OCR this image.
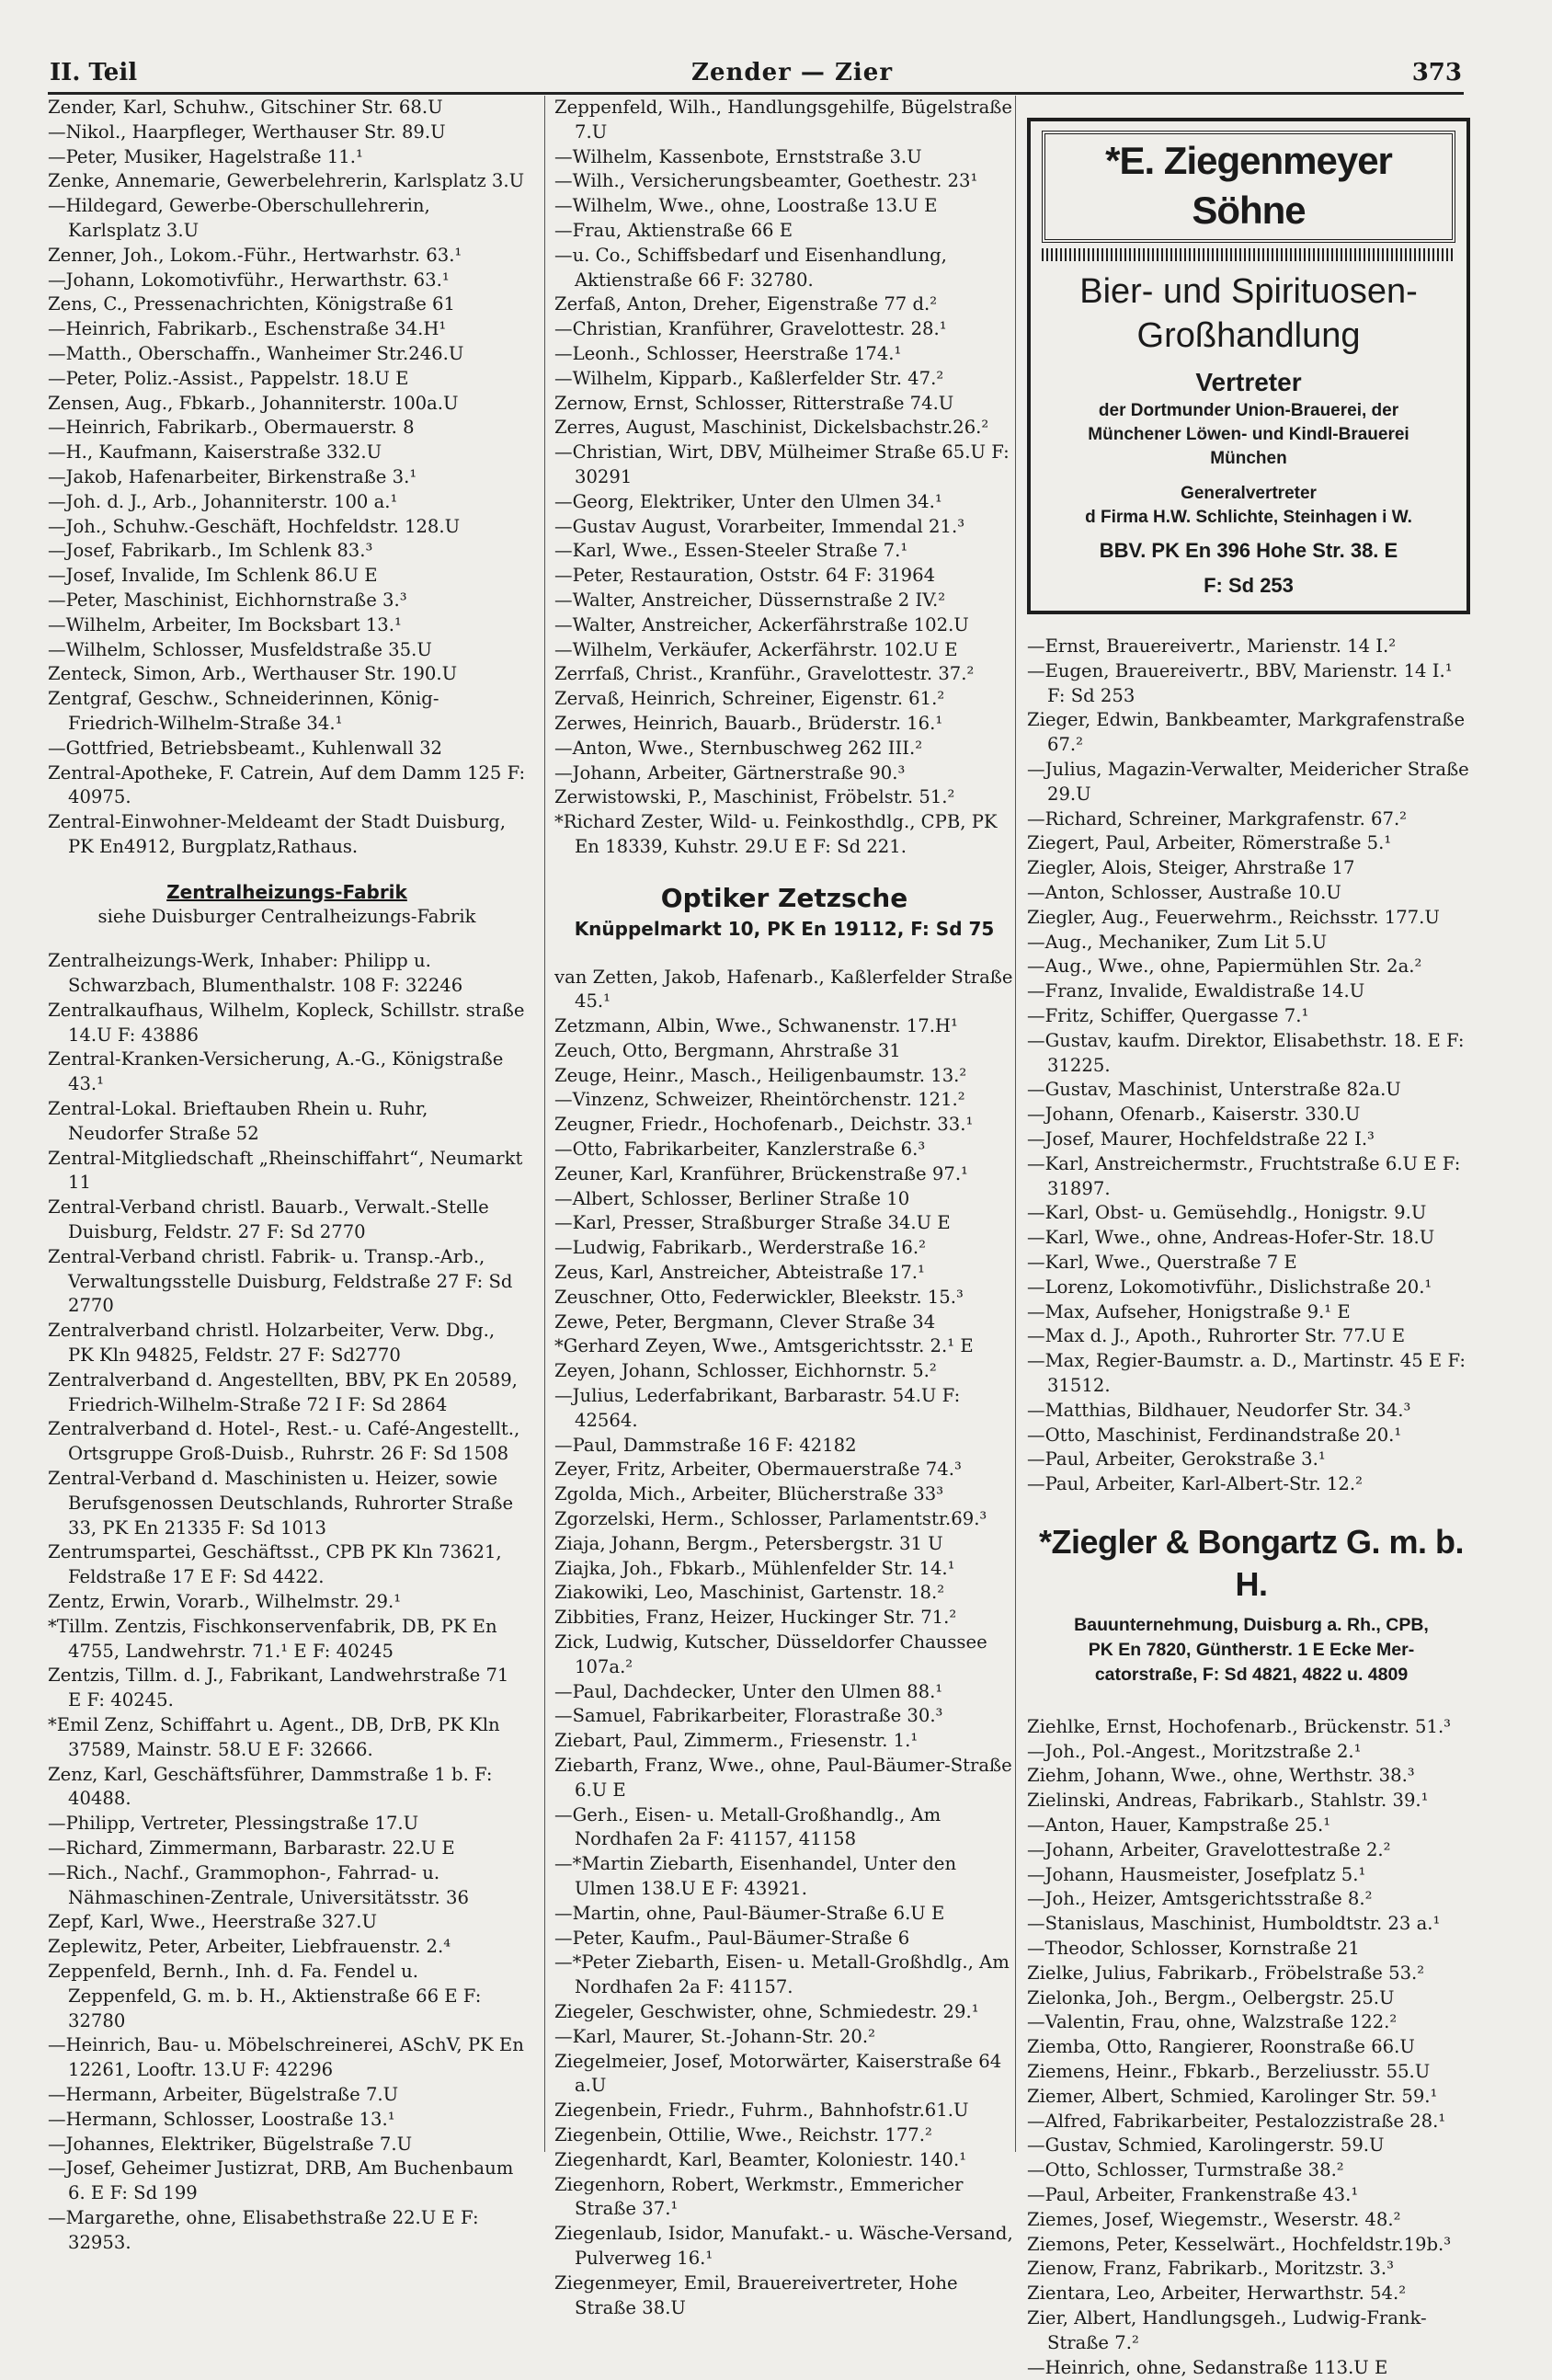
II. Teil	Zender — Zier	373

Zender, Karl, Schuhw., Gitschiner Str. 68.U

—Nikol., Haarpfleger, Werthauser Str. 89.U

—Peter, Musiker, Hagelstraße 11.¹

Zenke, Annemarie, Gewerbelehrerin, Karlsplatz 3.U

—Hildegard, Gewerbe-Oberschullehrerin, Karlsplatz 3.U

Zenner, Joh., Lokom.-Führ., Hertwarhstr. 63.¹

—Johann, Lokomotivführ., Herwarthstr. 63.¹

Zens, C., Pressenachrichten, Königstraße 61

—Heinrich, Fabrikarb., Eschenstraße 34.H¹

—Matth., Oberschaffn., Wanheimer Str.246.U

—Peter, Poliz.-Assist., Pappelstr. 18.U E

Zensen, Aug., Fbkarb., Johanniterstr. 100a.U

—Heinrich, Fabrikarb., Obermauerstr. 8

—H., Kaufmann, Kaiserstraße 332.U

—Jakob, Hafenarbeiter, Birkenstraße 3.¹

—Joh. d. J., Arb., Johanniterstr. 100 a.¹

—Joh., Schuhw.-Geschäft, Hochfeldstr. 128.U

—Josef, Fabrikarb., Im Schlenk 83.³

—Josef, Invalide, Im Schlenk 86.U E

—Peter, Maschinist, Eichhornstraße 3.³

—Wilhelm, Arbeiter, Im Bocksbart 13.¹

—Wilhelm, Schlosser, Musfeldstraße 35.U

Zenteck, Simon, Arb., Werthauser Str. 190.U

Zentgraf, Geschw., Schneiderinnen, König-Friedrich-Wilhelm-Straße 34.¹

—Gottfried, Betriebsbeamt., Kuhlenwall 32

Zentral-Apotheke, F. Catrein, Auf dem Damm 125 F: 40975.

Zentral-Einwohner-Meldeamt der Stadt Duisburg, PK En4912, Burgplatz,Rathaus.

Zentralheizungs-Fabrik
siehe Duisburger Centralheizungs-Fabrik

Zentralheizungs-Werk, Inhaber: Philipp u. Schwarzbach, Blumenthalstr. 108 F: 32246

Zentralkaufhaus, Wilhelm, Kopleck, Schillstr. straße 14.U F: 43886

Zentral-Kranken-Versicherung, A.-G., Königstraße 43.¹

Zentral-Lokal. Brieftauben Rhein u. Ruhr, Neudorfer Straße 52

Zentral-Mitgliedschaft „Rheinschiffahrt“, Neumarkt 11

Zentral-Verband christl. Bauarb., Verwalt.-Stelle Duisburg, Feldstr. 27 F: Sd 2770

Zentral-Verband christl. Fabrik- u. Transp.-Arb., Verwaltungsstelle Duisburg, Feldstraße 27 F: Sd 2770

Zentralverband christl. Holzarbeiter, Verw. Dbg., PK Kln 94825, Feldstr. 27 F: Sd2770

Zentralverband d. Angestellten, BBV, PK En 20589, Friedrich-Wilhelm-Straße 72 I F: Sd 2864

Zentralverband d. Hotel-, Rest.- u. Café-Angestellt., Ortsgruppe Groß-Duisb., Ruhrstr. 26 F: Sd 1508

Zentral-Verband d. Maschinisten u. Heizer, sowie Berufsgenossen Deutschlands, Ruhrorter Straße 33, PK En 21335 F: Sd 1013

Zentrumspartei, Geschäftsst., CPB PK Kln 73621, Feldstraße 17 E F: Sd 4422.

Zentz, Erwin, Vorarb., Wilhelmstr. 29.¹

*Tillm. Zentzis, Fischkonservenfabrik, DB, PK En 4755, Landwehrstr. 71.¹ E F: 40245

Zentzis, Tillm. d. J., Fabrikant, Landwehrstraße 71 E F: 40245.

*Emil Zenz, Schiffahrt u. Agent., DB, DrB, PK Kln 37589, Mainstr. 58.U E F: 32666.

Zenz, Karl, Geschäftsführer, Dammstraße 1 b. F: 40488.

—Philipp, Vertreter, Plessingstraße 17.U

—Richard, Zimmermann, Barbarastr. 22.U E

—Rich., Nachf., Grammophon-, Fahrrad- u. Nähmaschinen-Zentrale, Universitätsstr. 36

Zepf, Karl, Wwe., Heerstraße 327.U

Zeplewitz, Peter, Arbeiter, Liebfrauenstr. 2.⁴

Zeppenfeld, Bernh., Inh. d. Fa. Fendel u. Zeppenfeld, G. m. b. H., Aktienstraße 66 E F: 32780

—Heinrich, Bau- u. Möbelschreinerei, ASchV, PK En 12261, Looftr. 13.U F: 42296

—Hermann, Arbeiter, Bügelstraße 7.U

—Hermann, Schlosser, Loostraße 13.¹

—Johannes, Elektriker, Bügelstraße 7.U

—Josef, Geheimer Justizrat, DRB, Am Buchenbaum 6. E F: Sd 199

—Margarethe, ohne, Elisabethstraße 22.U E F: 32953.

Zeppenfeld, Wilh., Handlungsgehilfe, Bügelstraße 7.U

—Wilhelm, Kassenbote, Ernststraße 3.U

—Wilh., Versicherungsbeamter, Goethestr. 23¹

—Wilhelm, Wwe., ohne, Loostraße 13.U E

—Frau, Aktienstraße 66 E

—u. Co., Schiffsbedarf und Eisenhandlung, Aktienstraße 66 F: 32780.

Zerfaß, Anton, Dreher, Eigenstraße 77 d.²

—Christian, Kranführer, Gravelottestr. 28.¹

—Leonh., Schlosser, Heerstraße 174.¹

—Wilhelm, Kipparb., Kaßlerfelder Str. 47.²

Zernow, Ernst, Schlosser, Ritterstraße 74.U

Zerres, August, Maschinist, Dickelsbachstr.26.²

—Christian, Wirt, DBV, Mülheimer Straße 65.U F: 30291

—Georg, Elektriker, Unter den Ulmen 34.¹

—Gustav August, Vorarbeiter, Immendal 21.³

—Karl, Wwe., Essen-Steeler Straße 7.¹

—Peter, Restauration, Oststr. 64 F: 31964

—Walter, Anstreicher, Düssernstraße 2 IV.²

—Walter, Anstreicher, Ackerfährstraße 102.U

—Wilhelm, Verkäufer, Ackerfährstr. 102.U E

Zerrfaß, Christ., Kranführ., Gravelottestr. 37.²

Zervaß, Heinrich, Schreiner, Eigenstr. 61.²

Zerwes, Heinrich, Bauarb., Brüderstr. 16.¹

—Anton, Wwe., Sternbuschweg 262 III.²

—Johann, Arbeiter, Gärtnerstraße 90.³

Zerwistowski, P., Maschinist, Fröbelstr. 51.²

*Richard Zester, Wild- u. Feinkosthdlg., CPB, PK En 18339, Kuhstr. 29.U E F: Sd 221.

Optiker Zetzsche
Knüppelmarkt 10, PK En 19112, F: Sd 75

van Zetten, Jakob, Hafenarb., Kaßlerfelder Straße 45.¹

Zetzmann, Albin, Wwe., Schwanenstr. 17.H¹

Zeuch, Otto, Bergmann, Ahrstraße 31

Zeuge, Heinr., Masch., Heiligenbaumstr. 13.²

—Vinzenz, Schweizer, Rheintörchenstr. 121.²

Zeugner, Friedr., Hochofenarb., Deichstr. 33.¹

—Otto, Fabrikarbeiter, Kanzlerstraße 6.³

Zeuner, Karl, Kranführer, Brückenstraße 97.¹

—Albert, Schlosser, Berliner Straße 10

—Karl, Presser, Straßburger Straße 34.U E

—Ludwig, Fabrikarb., Werderstraße 16.²

Zeus, Karl, Anstreicher, Abteistraße 17.¹

Zeuschner, Otto, Federwickler, Bleekstr. 15.³

Zewe, Peter, Bergmann, Clever Straße 34

*Gerhard Zeyen, Wwe., Amtsgerichtsstr. 2.¹ E

Zeyen, Johann, Schlosser, Eichhornstr. 5.²

—Julius, Lederfabrikant, Barbarastr. 54.U F: 42564.

—Paul, Dammstraße 16 F: 42182

Zeyer, Fritz, Arbeiter, Obermauerstraße 74.³

Zgolda, Mich., Arbeiter, Blücherstraße 33³

Zgorzelski, Herm., Schlosser, Parlamentstr.69.³

Ziaja, Johann, Bergm., Petersbergstr. 31 U

Ziajka, Joh., Fbkarb., Mühlenfelder Str. 14.¹

Ziakowiki, Leo, Maschinist, Gartenstr. 18.²

Zibbities, Franz, Heizer, Huckinger Str. 71.²

Zick, Ludwig, Kutscher, Düsseldorfer Chaussee 107a.²

—Paul, Dachdecker, Unter den Ulmen 88.¹

—Samuel, Fabrikarbeiter, Florastraße 30.³

Ziebart, Paul, Zimmerm., Friesenstr. 1.¹

Ziebarth, Franz, Wwe., ohne, Paul-Bäumer-Straße 6.U E

—Gerh., Eisen- u. Metall-Großhandlg., Am Nordhafen 2a F: 41157, 41158

—*Martin Ziebarth, Eisenhandel, Unter den Ulmen 138.U E F: 43921.

—Martin, ohne, Paul-Bäumer-Straße 6.U E

—Peter, Kaufm., Paul-Bäumer-Straße 6

—*Peter Ziebarth, Eisen- u. Metall-Großhdlg., Am Nordhafen 2a F: 41157.

Ziegeler, Geschwister, ohne, Schmiedestr. 29.¹

—Karl, Maurer, St.-Johann-Str. 20.²

Ziegelmeier, Josef, Motorwärter, Kaiserstraße 64 a.U

Ziegenbein, Friedr., Fuhrm., Bahnhofstr.61.U

Ziegenbein, Ottilie, Wwe., Reichstr. 177.²

Ziegenhardt, Karl, Beamter, Koloniestr. 140.¹

Ziegenhorn, Robert, Werkmstr., Emmericher Straße 37.¹

Ziegenlaub, Isidor, Manufakt.- u. Wäsche-Versand, Pulverweg 16.¹

Ziegenmeyer, Emil, Brauereivertreter, Hohe Straße 38.U

*E. Ziegenmeyer Söhne
Bier- und Spirituosen-
Großhandlung
Vertreter
der Dortmunder Union-Brauerei, der
Münchener Löwen- und Kindl-Brauerei
München
Generalvertreter
d Firma H.W. Schlichte, Steinhagen i W.
BBV. PK En 396 Hohe Str. 38. E
F: Sd 253

—Ernst, Brauereivertr., Marienstr. 14 I.²

—Eugen, Brauereivertr., BBV, Marienstr. 14 I.¹ F: Sd 253

Zieger, Edwin, Bankbeamter, Markgrafenstraße 67.²

—Julius, Magazin-Verwalter, Meidericher Straße 29.U

—Richard, Schreiner, Markgrafenstr. 67.²

Ziegert, Paul, Arbeiter, Römerstraße 5.¹

Ziegler, Alois, Steiger, Ahrstraße 17

—Anton, Schlosser, Austraße 10.U

Ziegler, Aug., Feuerwehrm., Reichsstr. 177.U

—Aug., Mechaniker, Zum Lit 5.U

—Aug., Wwe., ohne, Papiermühlen Str. 2a.²

—Franz, Invalide, Ewaldistraße 14.U

—Fritz, Schiffer, Quergasse 7.¹

—Gustav, kaufm. Direktor, Elisabethstr. 18. E F: 31225.

—Gustav, Maschinist, Unterstraße 82a.U

—Johann, Ofenarb., Kaiserstr. 330.U

—Josef, Maurer, Hochfeldstraße 22 I.³

—Karl, Anstreichermstr., Fruchtstraße 6.U E F: 31897.

—Karl, Obst- u. Gemüsehdlg., Honigstr. 9.U

—Karl, Wwe., ohne, Andreas-Hofer-Str. 18.U

—Karl, Wwe., Querstraße 7 E

—Lorenz, Lokomotivführ., Dislichstraße 20.¹

—Max, Aufseher, Honigstraße 9.¹ E

—Max d. J., Apoth., Ruhrorter Str. 77.U E

—Max, Regier-Baumstr. a. D., Martinstr. 45 E F: 31512.

—Matthias, Bildhauer, Neudorfer Str. 34.³

—Otto, Maschinist, Ferdinandstraße 20.¹

—Paul, Arbeiter, Gerokstraße 3.¹

—Paul, Arbeiter, Karl-Albert-Str. 12.²

*Ziegler & Bongartz G. m. b. H.
Bauunternehmung, Duisburg a. Rh., CPB,
PK En 7820, Güntherstr. 1 E Ecke Mer-
catorstraße, F: Sd 4821, 4822 u. 4809

Ziehlke, Ernst, Hochofenarb., Brückenstr. 51.³

—Joh., Pol.-Angest., Moritzstraße 2.¹

Ziehm, Johann, Wwe., ohne, Werthstr. 38.³

Zielinski, Andreas, Fabrikarb., Stahlstr. 39.¹

—Anton, Hauer, Kampstraße 25.¹

—Johann, Arbeiter, Gravelottestraße 2.²

—Johann, Hausmeister, Josefplatz 5.¹

—Joh., Heizer, Amtsgerichtsstraße 8.²

—Stanislaus, Maschinist, Humboldtstr. 23 a.¹

—Theodor, Schlosser, Kornstraße 21

Zielke, Julius, Fabrikarb., Fröbelstraße 53.²

Zielonka, Joh., Bergm., Oelbergstr. 25.U

—Valentin, Frau, ohne, Walzstraße 122.²

Ziemba, Otto, Rangierer, Roonstraße 66.U

Ziemens, Heinr., Fbkarb., Berzeliusstr. 55.U

Ziemer, Albert, Schmied, Karolinger Str. 59.¹

—Alfred, Fabrikarbeiter, Pestalozzistraße 28.¹

—Gustav, Schmied, Karolingerstr. 59.U

—Otto, Schlosser, Turmstraße 38.²

—Paul, Arbeiter, Frankenstraße 43.¹

Ziemes, Josef, Wiegemstr., Weserstr. 48.²

Ziemons, Peter, Kesselwärt., Hochfeldstr.19b.³

Zienow, Franz, Fabrikarb., Moritzstr. 3.³

Zientara, Leo, Arbeiter, Herwarthstr. 54.²

Zier, Albert, Handlungsgeh., Ludwig-Frank-Straße 7.²

—Heinrich, ohne, Sedanstraße 113.U E
